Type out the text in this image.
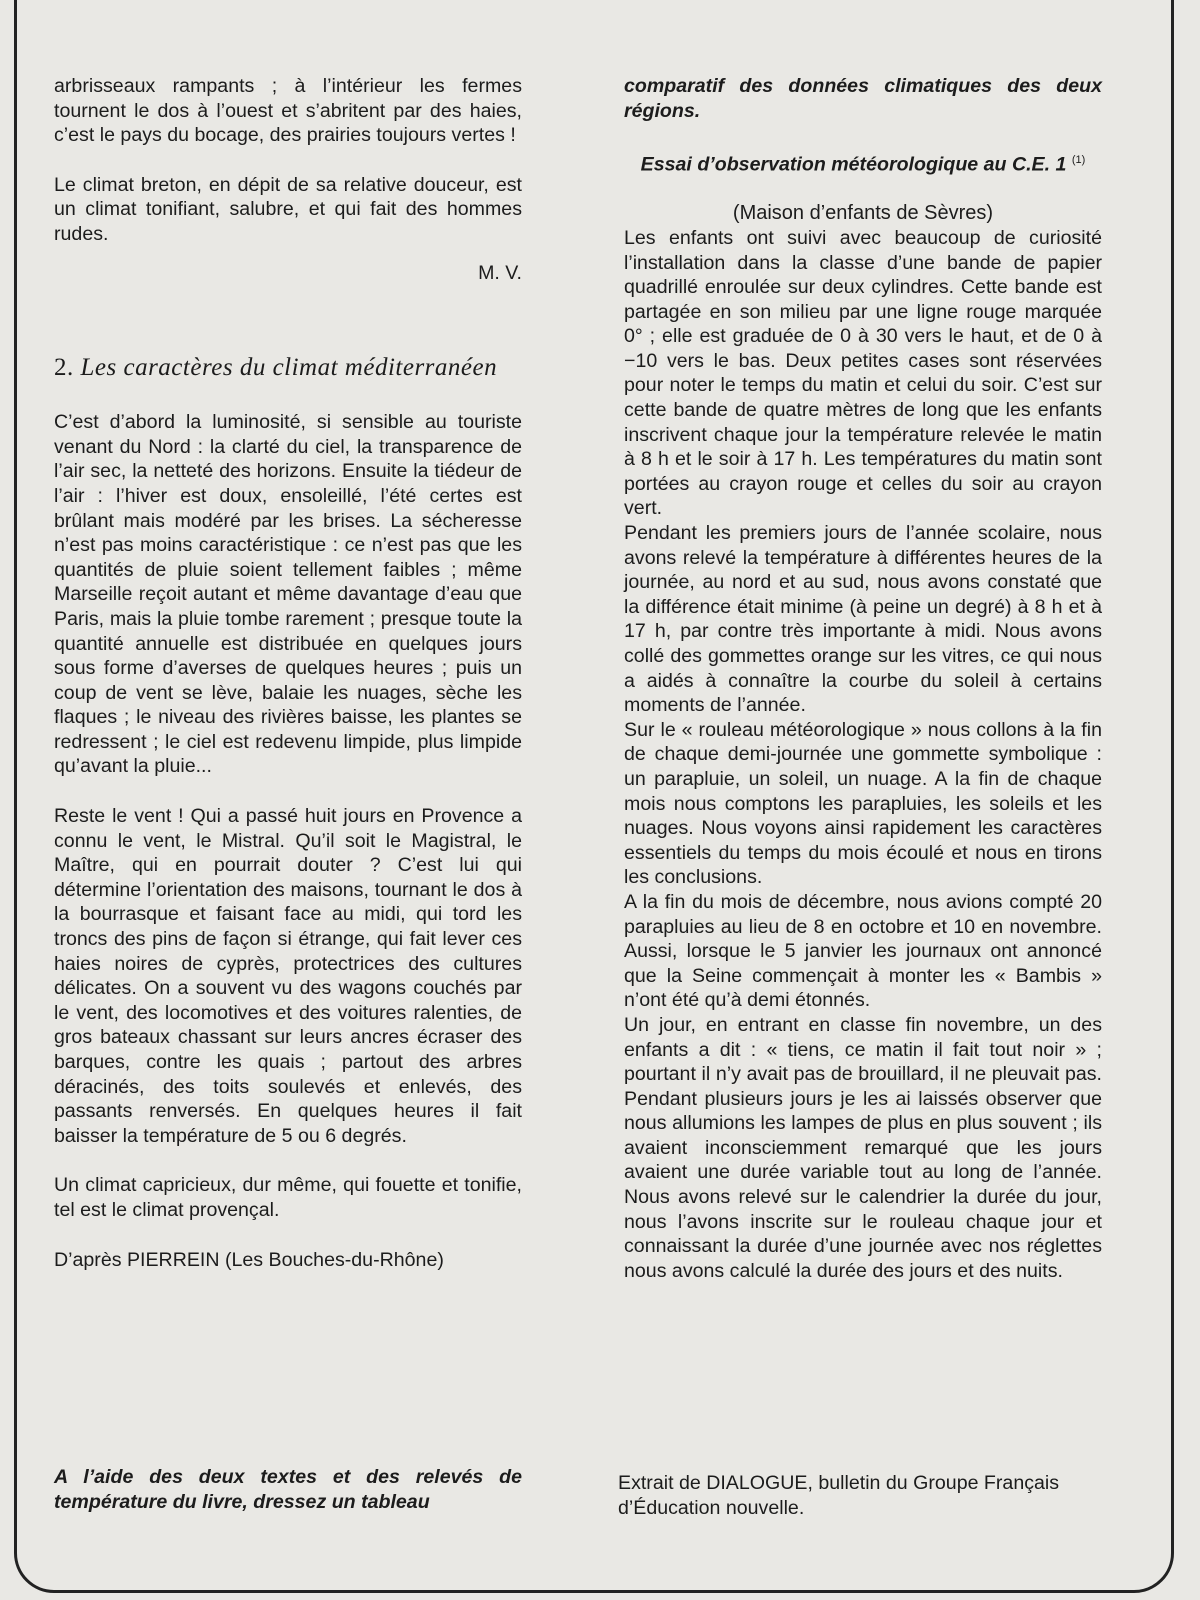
arbrisseaux rampants ; à l’intérieur les fermes tournent le dos à l’ouest et s’abritent par des haies, c’est le pays du bocage, des prairies toujours vertes !

Le climat breton, en dépit de sa relative douceur, est un climat tonifiant, salubre, et qui fait des hommes rudes.

M. V.

2. Les caractères du climat méditerranéen

C’est d’abord la luminosité, si sensible au touriste venant du Nord : la clarté du ciel, la transparence de l’air sec, la netteté des horizons. Ensuite la tiédeur de l’air : l’hiver est doux, ensoleillé, l’été certes est brûlant mais modéré par les brises. La sécheresse n’est pas moins caractéristique : ce n’est pas que les quantités de pluie soient tellement faibles ; même Marseille reçoit autant et même davantage d’eau que Paris, mais la pluie tombe rarement ; presque toute la quantité annuelle est distribuée en quelques jours sous forme d’averses de quelques heures ; puis un coup de vent se lève, balaie les nuages, sèche les flaques ; le niveau des rivières baisse, les plantes se redressent ; le ciel est redevenu limpide, plus limpide qu’avant la pluie...

Reste le vent ! Qui a passé huit jours en Provence a connu le vent, le Mistral. Qu’il soit le Magistral, le Maître, qui en pourrait douter ? C’est lui qui détermine l’orientation des maisons, tournant le dos à la bourrasque et faisant face au midi, qui tord les troncs des pins de façon si étrange, qui fait lever ces haies noires de cyprès, protectrices des cultures délicates. On a souvent vu des wagons couchés par le vent, des locomotives et des voitures ralenties, de gros bateaux chassant sur leurs ancres écraser des barques, contre les quais ; partout des arbres déracinés, des toits soulevés et enlevés, des passants renversés. En quelques heures il fait baisser la température de 5 ou 6 degrés.

Un climat capricieux, dur même, qui fouette et tonifie, tel est le climat provençal.

D’après PIERREIN (Les Bouches-du-Rhône)

A l’aide des deux textes et des relevés de température du livre, dressez un tableau

comparatif des données climatiques des deux régions.

Essai d’observation météorologique au C.E. 1 $^{(1)}$

(Maison d’enfants de Sèvres)

Les enfants ont suivi avec beaucoup de curiosité l’installation dans la classe d’une bande de papier quadrillé enroulée sur deux cylindres. Cette bande est partagée en son milieu par une ligne rouge marquée 0° ; elle est graduée de 0 à 30 vers le haut, et de 0 à −10 vers le bas. Deux petites cases sont réservées pour noter le temps du matin et celui du soir. C’est sur cette bande de quatre mètres de long que les enfants inscrivent chaque jour la température relevée le matin à 8 h et le soir à 17 h. Les températures du matin sont portées au crayon rouge et celles du soir au crayon vert.

Pendant les premiers jours de l’année scolaire, nous avons relevé la température à différentes heures de la journée, au nord et au sud, nous avons constaté que la différence était minime (à peine un degré) à 8 h et à 17 h, par contre très importante à midi. Nous avons collé des gommettes orange sur les vitres, ce qui nous a aidés à connaître la courbe du soleil à certains moments de l’année.

Sur le « rouleau météorologique » nous collons à la fin de chaque demi-journée une gommette symbolique : un parapluie, un soleil, un nuage. A la fin de chaque mois nous comptons les parapluies, les soleils et les nuages. Nous voyons ainsi rapidement les caractères essentiels du temps du mois écoulé et nous en tirons les conclusions.

A la fin du mois de décembre, nous avions compté 20 parapluies au lieu de 8 en octobre et 10 en novembre. Aussi, lorsque le 5 janvier les journaux ont annoncé que la Seine commençait à monter les « Bambis » n’ont été qu’à demi étonnés.

Un jour, en entrant en classe fin novembre, un des enfants a dit : « tiens, ce matin il fait tout noir » ; pourtant il n’y avait pas de brouillard, il ne pleuvait pas. Pendant plusieurs jours je les ai laissés observer que nous allumions les lampes de plus en plus souvent ; ils avaient inconsciemment remarqué que les jours avaient une durée variable tout au long de l’année. Nous avons relevé sur le calendrier la durée du jour, nous l’avons inscrite sur le rouleau chaque jour et connaissant la durée d’une journée avec nos réglettes nous avons calculé la durée des jours et des nuits.

Extrait de DIALOGUE, bulletin du Groupe Français d’Éducation nouvelle.
